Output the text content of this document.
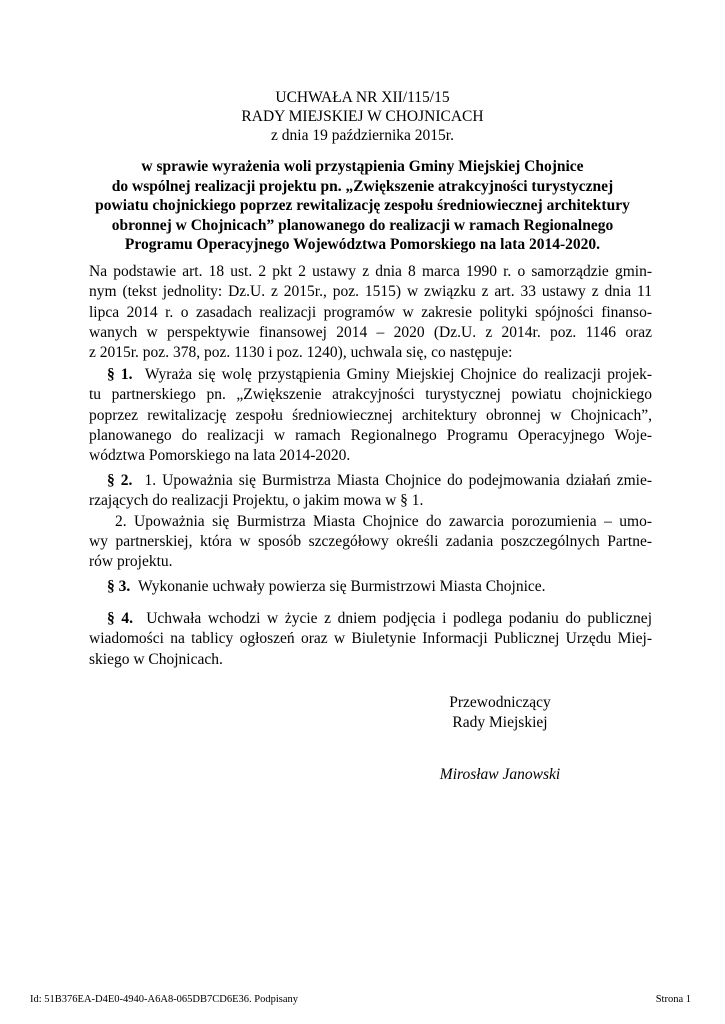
UCHWAŁA NR XII/115/15
RADY MIEJSKIEJ W CHOJNICACH
z dnia 19 października 2015r.
w sprawie wyrażenia woli przystąpienia Gminy Miejskiej Chojnice
do wspólnej realizacji projektu pn. „Zwiększenie atrakcyjności turystycznej
powiatu chojnickiego poprzez rewitalizację zespołu średniowiecznej architektury
obronnej w Chojnicach” planowanego do realizacji w ramach Regionalnego
Programu Operacyjnego Województwa Pomorskiego na lata 2014-2020.
Na podstawie art. 18 ust. 2 pkt 2 ustawy z dnia 8 marca 1990 r. o samorządzie gmin-
nym (tekst jednolity: Dz.U. z 2015r., poz. 1515) w związku z art. 33 ustawy z dnia 11
lipca 2014 r. o zasadach realizacji programów w zakresie polityki spójności finanso-
wanych w perspektywie finansowej 2014 – 2020 (Dz.U. z 2014r. poz. 1146 oraz
z 2015r. poz. 378, poz. 1130 i poz. 1240), uchwala się, co następuje:
§ 1. Wyraża się wolę przystąpienia Gminy Miejskiej Chojnice do realizacji projek-
tu partnerskiego pn. „Zwiększenie atrakcyjności turystycznej powiatu chojnickiego
poprzez rewitalizację zespołu średniowiecznej architektury obronnej w Chojnicach”,
planowanego do realizacji w ramach Regionalnego Programu Operacyjnego Woje-
wództwa Pomorskiego na lata 2014-2020.
§ 2. 1. Upoważnia się Burmistrza Miasta Chojnice do podejmowania działań zmie-
rzających do realizacji Projektu, o jakim mowa w § 1.
2. Upoważnia się Burmistrza Miasta Chojnice do zawarcia porozumienia – umo-
wy partnerskiej, która w sposób szczegółowy określi zadania poszczególnych Partne-
rów projektu.
§ 3. Wykonanie uchwały powierza się Burmistrzowi Miasta Chojnice.
§ 4. Uchwała wchodzi w życie z dniem podjęcia i podlega podaniu do publicznej
wiadomości na tablicy ogłoszeń oraz w Biuletynie Informacji Publicznej Urzędu Miej-
skiego w Chojnicach.
Przewodniczący
Rady Miejskiej
Mirosław Janowski
Id: 51B376EA-D4E0-4940-A6A8-065DB7CD6E36. Podpisany	Strona 1
